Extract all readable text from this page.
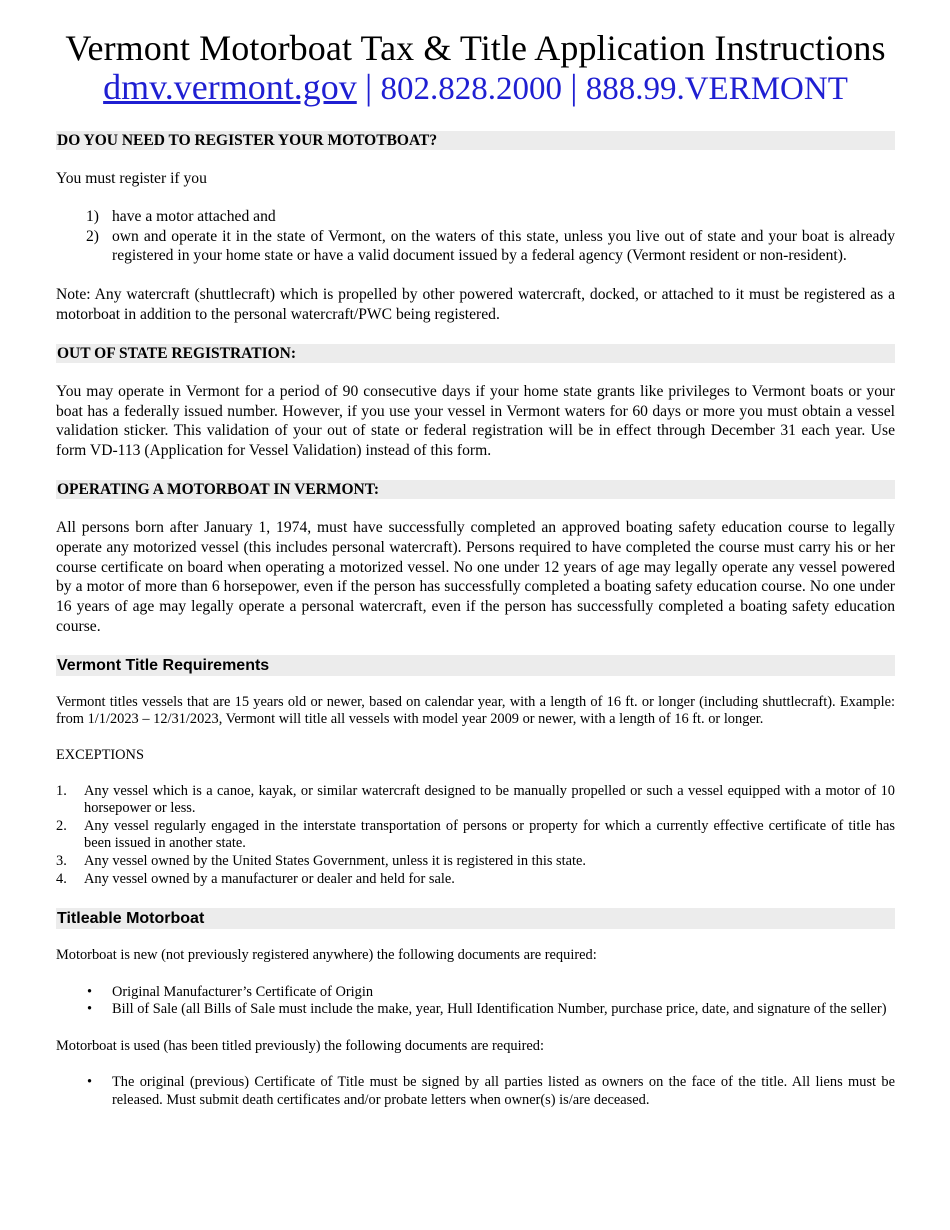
Vermont Motorboat Tax & Title Application Instructions
dmv.vermont.gov | 802.828.2000 | 888.99.VERMONT
DO YOU NEED TO REGISTER YOUR MOTOTBOAT?

You must register if you

1) have a motor attached and
2) own and operate it in the state of Vermont, on the waters of this state, unless you live out of state and your boat is already registered in your home state or have a valid document issued by a federal agency (Vermont resident or non-resident).

Note: Any watercraft (shuttlecraft) which is propelled by other powered watercraft, docked, or attached to it must be registered as a motorboat in addition to the personal watercraft/PWC being registered.

OUT OF STATE REGISTRATION:

You may operate in Vermont for a period of 90 consecutive days if your home state grants like privileges to Vermont boats or your boat has a federally issued number. However, if you use your vessel in Vermont waters for 60 days or more you must obtain a vessel validation sticker. This validation of your out of state or federal registration will be in effect through December 31 each year. Use form VD-113 (Application for Vessel Validation) instead of this form.

OPERATING A MOTORBOAT IN VERMONT:

All persons born after January 1, 1974, must have successfully completed an approved boating safety education course to legally operate any motorized vessel (this includes personal watercraft). Persons required to have completed the course must carry his or her course certificate on board when operating a motorized vessel. No one under 12 years of age may legally operate any vessel powered by a motor of more than 6 horsepower, even if the person has successfully completed a boating safety education course. No one under 16 years of age may legally operate a personal watercraft, even if the person has successfully completed a boating safety education course.

Vermont Title Requirements

Vermont titles vessels that are 15 years old or newer, based on calendar year, with a length of 16 ft. or longer (including shuttlecraft). Example: from 1/1/2023 – 12/31/2023, Vermont will title all vessels with model year 2009 or newer, with a length of 16 ft. or longer.

EXCEPTIONS

1. Any vessel which is a canoe, kayak, or similar watercraft designed to be manually propelled or such a vessel equipped with a motor of 10 horsepower or less.
2. Any vessel regularly engaged in the interstate transportation of persons or property for which a currently effective certificate of title has been issued in another state.
3. Any vessel owned by the United States Government, unless it is registered in this state.
4. Any vessel owned by a manufacturer or dealer and held for sale.
Titleable Motorboat

Motorboat is new (not previously registered anywhere) the following documents are required:

• Original Manufacturer’s Certificate of Origin
• Bill of Sale (all Bills of Sale must include the make, year, Hull Identification Number, purchase price, date, and signature of the seller)

Motorboat is used (has been titled previously) the following documents are required:

• The original (previous) Certificate of Title must be signed by all parties listed as owners on the face of the title. All liens must be released. Must submit death certificates and/or probate letters when owner(s) is/are deceased.
